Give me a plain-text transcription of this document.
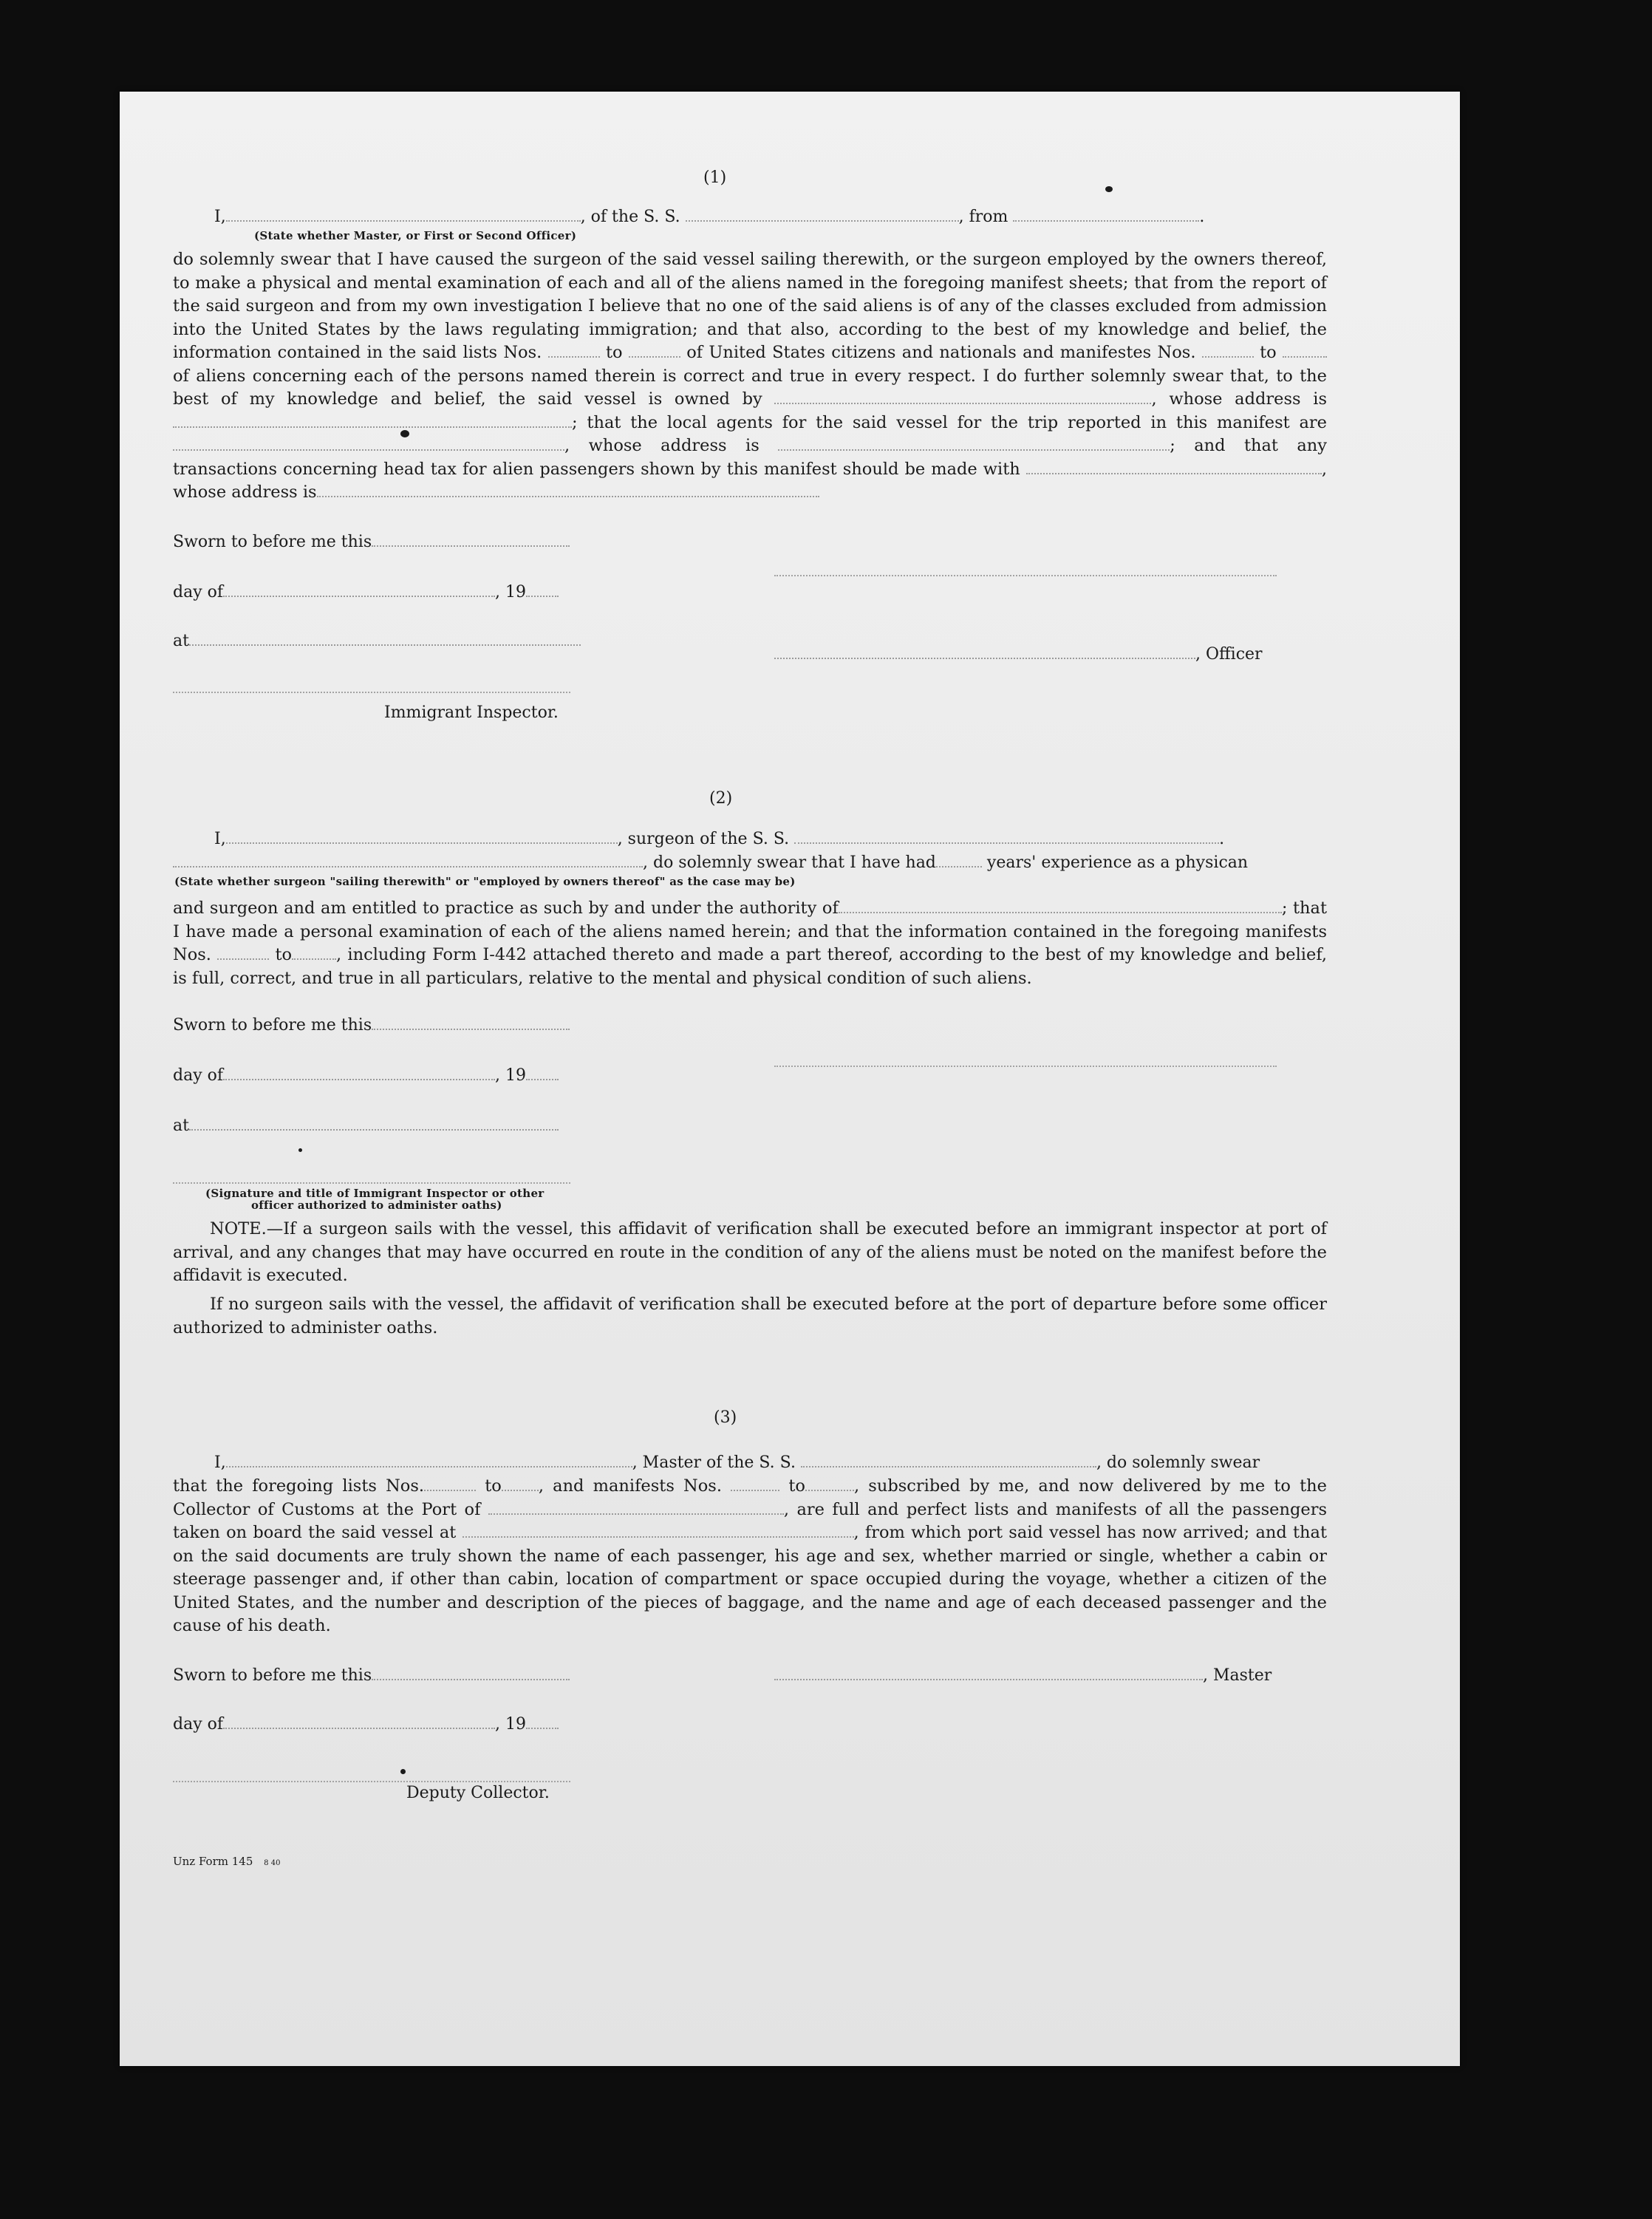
(1)
I,	, of the S. S.	, from	.
(State whether Master, or First or Second Officer)
do solemnly swear that I have caused the surgeon of the said vessel sailing therewith, or the surgeon employed by the owners thereof, to make a physical and mental examination of each and all of the aliens named in the foregoing manifest sheets; that from the report of the said surgeon and from my own investigation I believe that no one of the said aliens is of any of the classes excluded from admission into the United States by the laws regulating immigration; and that also, according to the best of my knowledge and belief, the information contained in the said lists Nos.	to	of United States citizens and nationals and manifestes Nos.	to  of aliens concerning each of the persons named therein is correct and true in every respect. I do further solemnly swear that, to the best of my knowledge and belief, the said vessel is owned by	, whose address is ; that the local agents for the said vessel for the trip reported in this manifest are , whose address is	; and that any transactions concerning head tax for alien passengers shown by this manifest should be made with	, whose address is
Sworn to before me this
day of	, 19
at
, Officer
Immigrant Inspector.
(2)
I,	, surgeon of the S. S.	.
, do solemnly swear that I have had	years' experience as a physican
(State whether surgeon "sailing therewith" or "employed by owners thereof" as the case may be)
and surgeon and am entitled to practice as such by and under the authority of	; that I have made a personal examination of each of the aliens named herein; and that the information contained in the foregoing manifests Nos.	to	, including Form I-442 attached thereto and made a part thereof, according to the best of my knowledge and belief, is full, correct, and true in all particulars, relative to the mental and physical condition of such aliens.
Sworn to before me this
day of	, 19
at
(Signature and title of Immigrant Inspector or other
officer authorized to administer oaths)
NOTE.—If a surgeon sails with the vessel, this affidavit of verification shall be executed before an immigrant inspector at port of arrival, and any changes that may have occurred en route in the condition of any of the aliens must be noted on the manifest before the affidavit is executed.
If no surgeon sails with the vessel, the affidavit of verification shall be executed before at the port of departure before some officer authorized to administer oaths.
(3)
I,	, Master of the S. S.	, do solemnly swear
that the foregoing lists Nos.	to , and manifests Nos.	to	, subscribed by me, and now delivered by me to the Collector of Customs at the Port of	, are full and perfect lists and manifests of all the passengers taken on board the said vessel at	, from which port said vessel has now arrived; and that on the said documents are truly shown the name of each passenger, his age and sex, whether married or single, whether a cabin or steerage passenger and, if other than cabin, location of compartment or space occupied during the voyage, whether a citizen of the United States, and the number and description of the pieces of baggage, and the name and age of each deceased passenger and the cause of his death.
Sworn to before me this	, Master
day of	, 19
Deputy Collector.
Unz Form 145 8 40
